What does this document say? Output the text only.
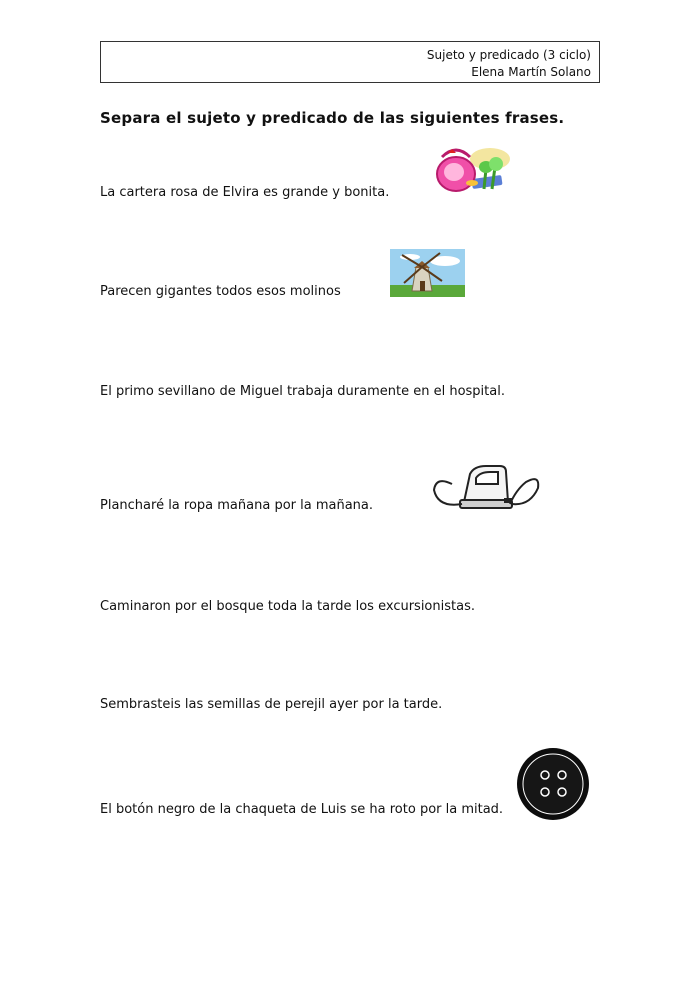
Sujeto y predicado (3 ciclo)
Elena Martín Solano
Separa el sujeto y predicado de las siguientes frases.
La cartera rosa de Elvira es grande y bonita.
Parecen gigantes todos esos molinos
El primo sevillano de Miguel trabaja duramente en el hospital.
Plancharé la ropa mañana por la mañana.
Caminaron por el bosque toda la tarde los excursionistas.
Sembrasteis las semillas de perejil ayer por la tarde.
El botón negro de la chaqueta de Luis se ha roto por la mitad.
